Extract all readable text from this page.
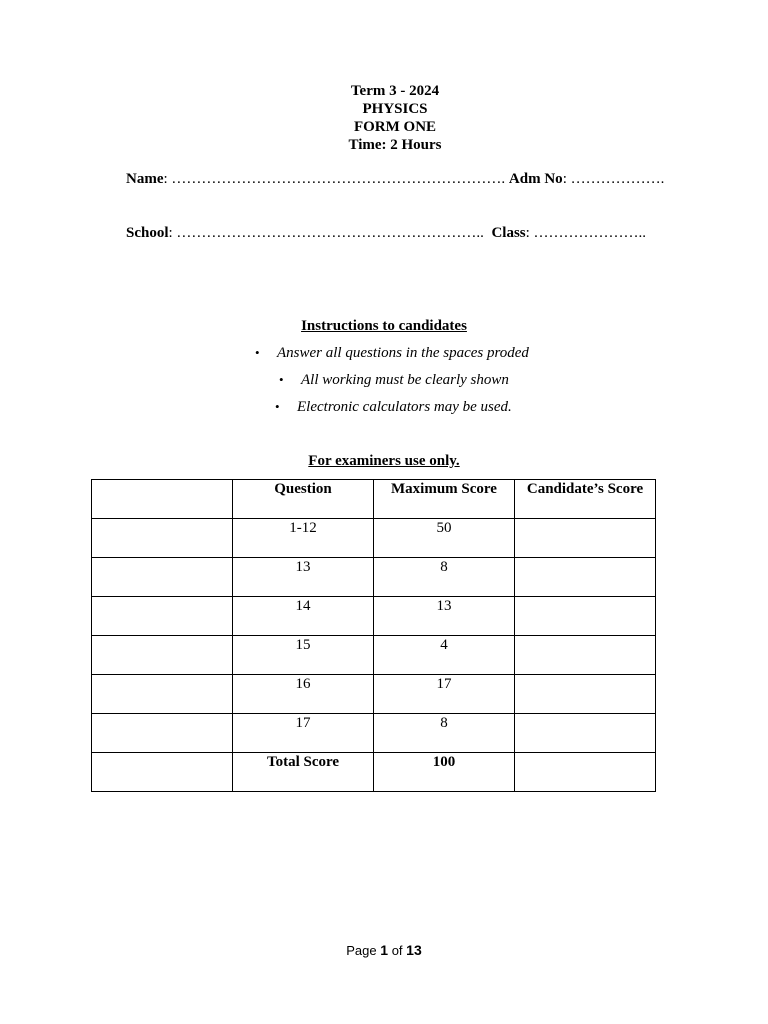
Term 3 - 2024
PHYSICS
FORM ONE
Time: 2 Hours
Name: …………………………………………………………. Adm No: ……………….
School: …………………………………………………….. Class: …………………..
Instructions to candidates
• Answer all questions in the spaces proded
• All working must be clearly shown
• Electronic calculators may be used.
For examiners use only.
	Question	Maximum Score	Candidate’s Score
	1-12	50	
	13	8	
	14	13	
	15	4	
	16	17	
	17	8	
	Total Score	100	
Page 1 of 13
